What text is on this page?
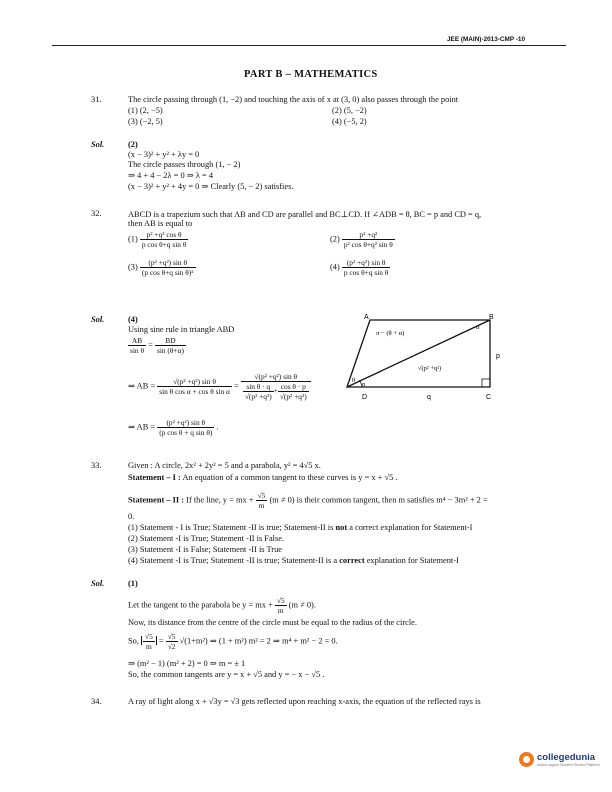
JEE (MAIN)-2013-CMP -10
PART B – MATHEMATICS
31.	The circle passing through (1, −2) and touching the axis of x at (3, 0) also passes through the point
(1) (2, −5)	(2) (5, −2)
(3) (−2, 5)	(4) (−5, 2)
Sol.	(2)
(x − 3)² + y² + λy = 0
The circle passes through (1, − 2)
⇒ 4 + 4 − 2λ = 0 ⇒ λ = 4
(x − 3)² + y² + 4y = 0 ⇒ Clearly (5, − 2) satisfies.
32.	ABCD is a trapezium such that AB and CD are parallel and BC⊥CD. If ∠ADB = θ, BC = p and CD = q,
then AB is equal to
$(1) \frac{\text{p² +q² cos θ}}{\text{p cos θ+q sin θ}}$	$(2) \frac{\text{p² +q²}}{\text{p² cos θ+q² sin θ}}$
$(3) \frac{\text{(p² +q²) sin θ}}{\text{(p cos θ+q sin θ)²}}$	$(4) \frac{\text{(p² +q²) sin θ}}{\text{p cos θ+q sin θ}}$
Sol.	(4)
Using sine rule in triangle ABD
$\frac{AB}{\text{sin θ}} = \frac{BD}{\sin (\theta+\alpha)}$
⇒ AB = $\frac{\text{√(p² +q²) sin θ}}{\text{sin θ cos α + cos θ sin α}} = \frac{\text{√(p² +q²) sin θ}}{\frac{\text{sin θ · q}}{\text{√(p² +q²)}} + \frac{\text{cos θ · p}}{\text{√(p² +q²)}}}$
⇒ AB = $\frac{\text{(p² +q²) sin θ}}{\text{(p cos θ + q sin θ)}}$ .
A	B
D	C
π − (θ + α)
α
θ
α
p
q
√(p² +q²)
33.	Given : A circle, 2x² + 2y² = 5 and a parabola, y² = 4√5 x.
Statement – I : An equation of a common tangent to these curves is y = x + √5 .
Statement – II : If the line, y = mx + $\frac{√5}{m} (m \ne 0)$ is their common tangent, then m satisfies m⁴ − 3m² + 2 =
0.
(1) Statement - I is True; Statement -II is true; Statement-II is not a correct explanation for Statement-I
(2) Statement -I is True; Statement -II is False.
(3) Statement -I is False; Statement -II is True
(4) Statement -I is True; Statement -II is true; Statement-II is a correct explanation for Statement-I
Sol.	(1)
Let the tangent to the parabola be y = mx + $\frac{√5}{m} (m \ne 0)$.
Now, its distance from the centre of the circle must be equal to the radius of the circle.
So, $\frac{√5}{m} = \frac{√5}{√2} √(1+m^2)$ ⇒ (1 + m²) m² = 2 ⇒ m⁴ + m² − 2 = 0.
⇒ (m² − 1) (m² + 2) = 0 ⇒ m = ± 1
So, the common tangents are y = x + √5 and y = − x − √5 .
34.	A ray of light along x + √3y = √3 gets reflected upon reaching x-axis, the equation of the reflected rays is
collegedunia
India's largest Student Review Platform
